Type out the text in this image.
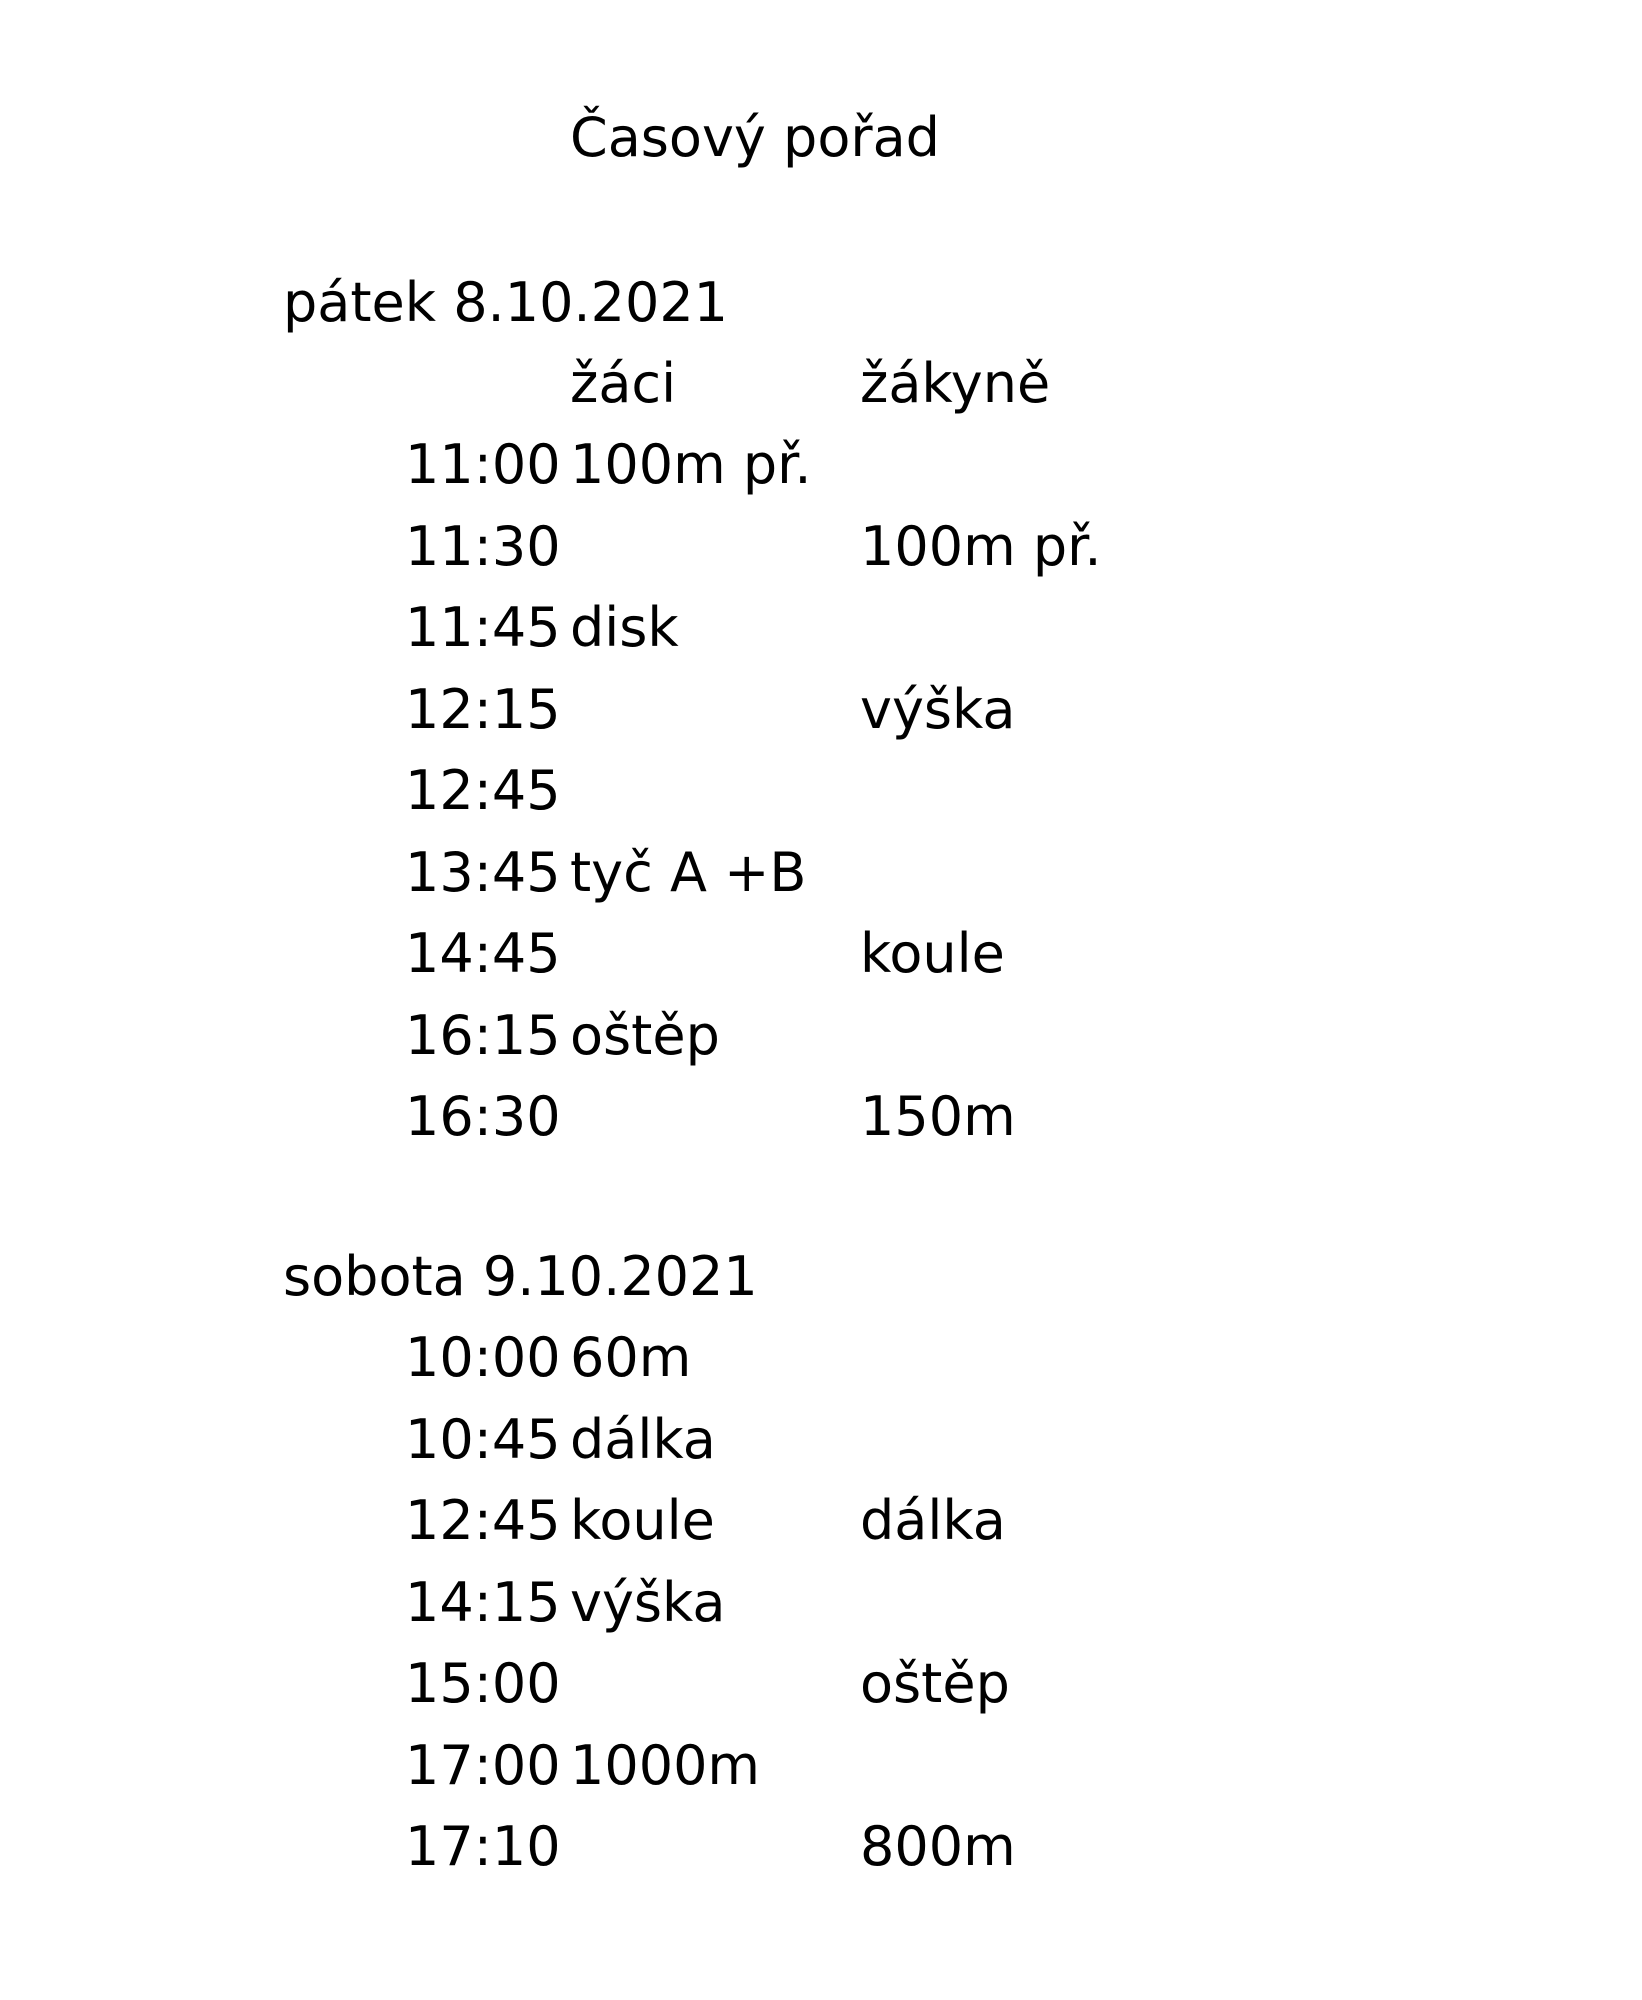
Časový pořad
pátek 8.10.2021
žáci	žákyně
11:00 100m př.
11:30	100m př.
11:45 disk
12:15	výška
12:45
13:45 tyč A +B
14:45	koule
16:15 oštěp
16:30	150m
sobota 9.10.2021
10:00 60m
10:45 dálka
12:45 koule	dálka
14:15 výška
15:00	oštěp
17:00 1000m
17:10	800m
